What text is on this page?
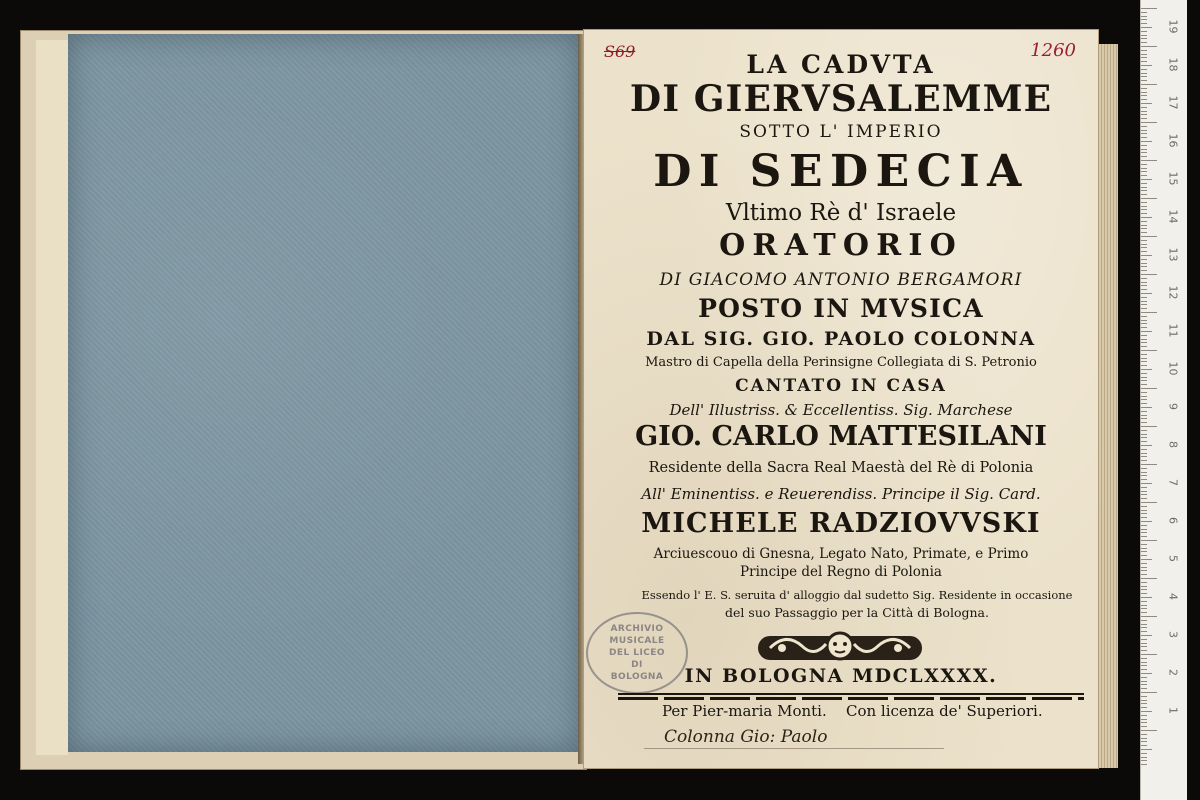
S69	1260
LA CADVTA
DI GIERVSALEMME
SOTTO L' IMPERIO
DI SEDECIA
Vltimo Rè d' Israele
ORATORIO
DI GIACOMO ANTONIO BERGAMORI
POSTO IN MVSICA
DAL SIG. GIO. PAOLO COLONNA
Mastro di Capella della Perinsigne Collegiata di S. Petronio
CANTATO IN CASA
Dell' Illustriss. & Eccellentiss. Sig. Marchese
GIO. CARLO MATTESILANI
Residente della Sacra Real Maestà del Rè di Polonia
All' Eminentiss. e Reuerendiss. Principe il Sig. Card.
MICHELE RADZIOVVSKI
Arciuescouo di Gnesna, Legato Nato, Primate, e Primo
Principe del Regno di Polonia
Essendo l' E. S. seruita d' alloggio dal sudetto Sig. Residente in occasione
del suo Passaggio per la Città di Bologna.
ARCHIVIO
MUSICALE
DEL LICEO
DI
BOLOGNA	IN BOLOGNA MDCLXXXX.
Per Pier-maria Monti. Con licenza de' Superiori.
Colonna Gio: Paolo
19
18
17
16
15
14
13
12
11
10
9
8
7
6
5
4
3
2
1
